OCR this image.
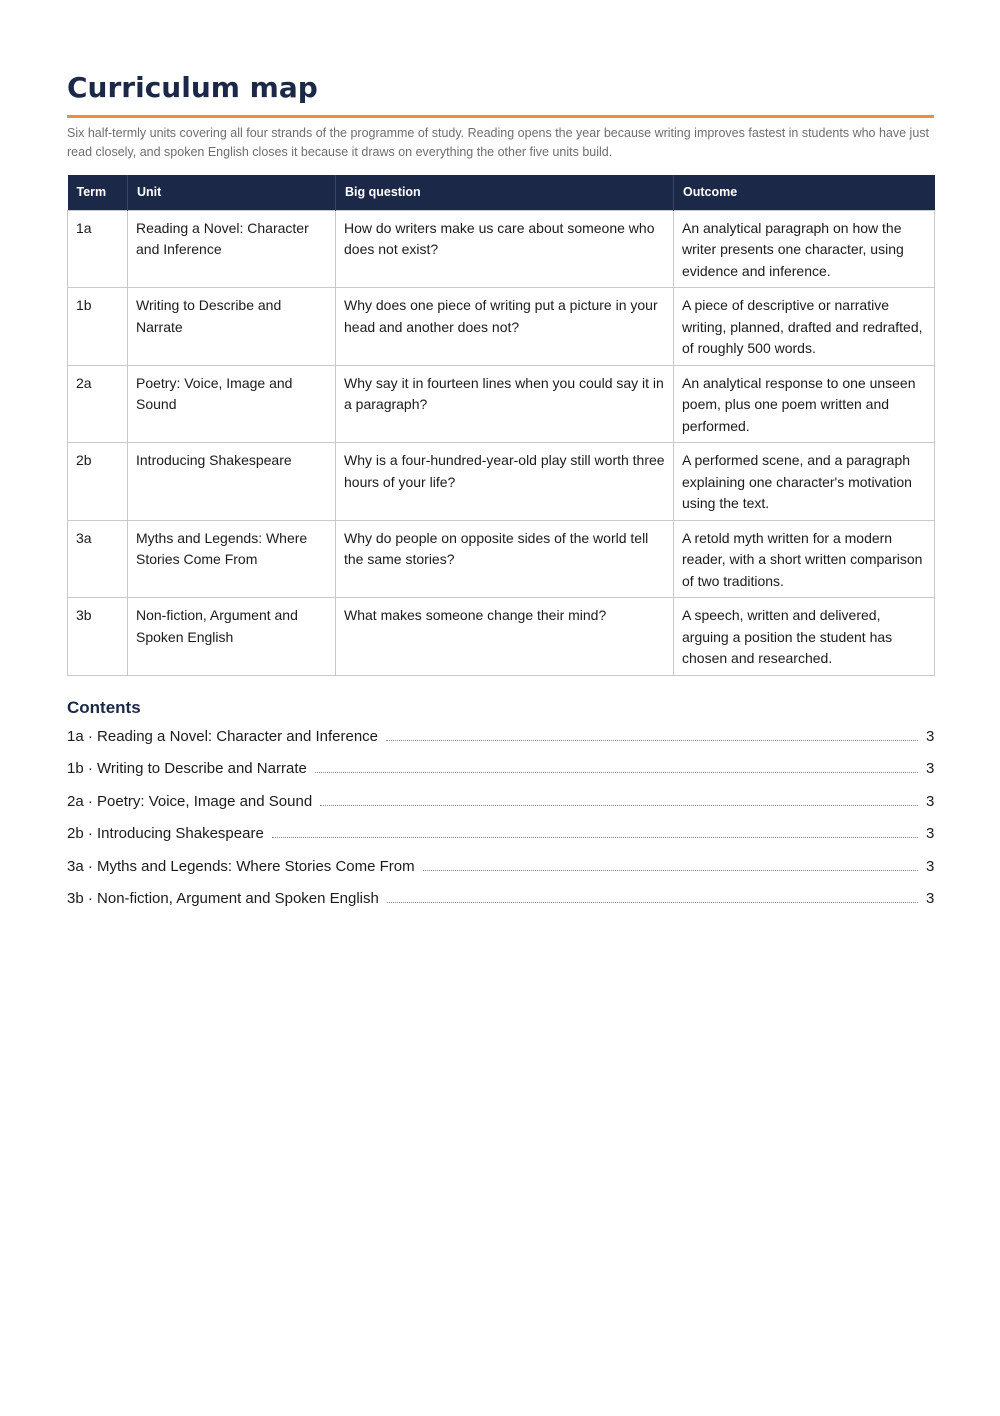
Curriculum map

Six half-termly units covering all four strands of the programme of study. Reading opens the year because writing improves fastest in students who have just read closely, and spoken English closes it because it draws on everything the other five units build.

Term	Unit	Big question	Outcome
1a	Reading a Novel: Character and Inference	How do writers make us care about someone who does not exist?	An analytical paragraph on how the writer presents one character, using evidence and inference.
1b	Writing to Describe and Narrate	Why does one piece of writing put a picture in your head and another does not?	A piece of descriptive or narrative writing, planned, drafted and redrafted, of roughly 500 words.
2a	Poetry: Voice, Image and Sound	Why say it in fourteen lines when you could say it in a paragraph?	An analytical response to one unseen poem, plus one poem written and performed.
2b	Introducing Shakespeare	Why is a four-hundred-year-old play still worth three hours of your life?	A performed scene, and a paragraph explaining one character's motivation using the text.
3a	Myths and Legends: Where Stories Come From	Why do people on opposite sides of the world tell the same stories?	A retold myth written for a modern reader, with a short written comparison of two traditions.
3b	Non-fiction, Argument and Spoken English	What makes someone change their mind?	A speech, written and delivered, arguing a position the student has chosen and researched.
Contents
1a · Reading a Novel: Character and Inference	3
1b · Writing to Describe and Narrate	3
2a · Poetry: Voice, Image and Sound	3
2b · Introducing Shakespeare	3
3a · Myths and Legends: Where Stories Come From	3
3b · Non-fiction, Argument and Spoken English	3
